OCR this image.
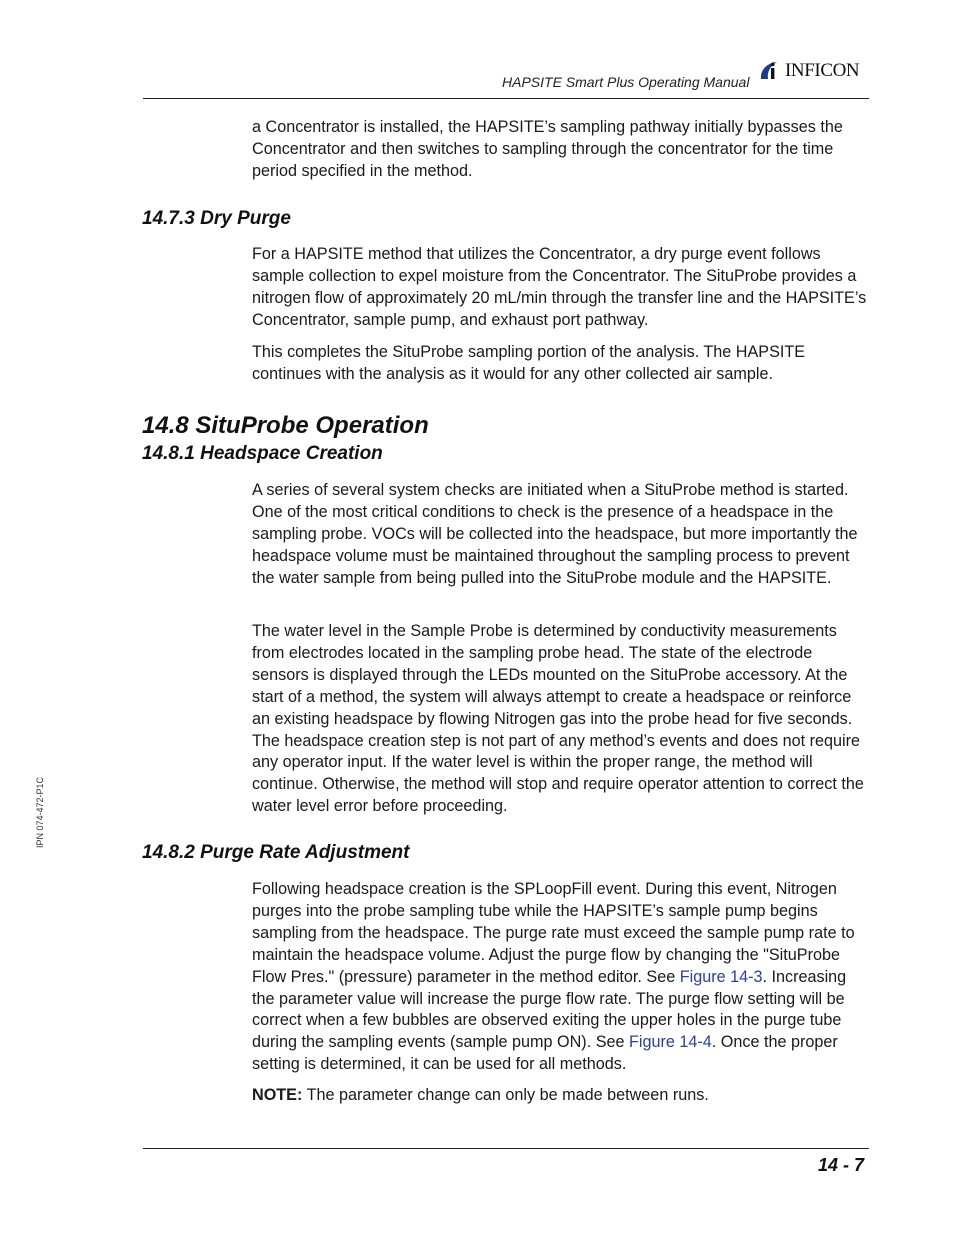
HAPSITE Smart Plus Operating Manual
INFICON
IPN 074-472-P1C

a Concentrator is installed, the HAPSITE’s sampling pathway initially bypasses the Concentrator and then switches to sampling through the concentrator for the time period specified in the method.

14.7.3 Dry Purge

For a HAPSITE method that utilizes the Concentrator, a dry purge event follows sample collection to expel moisture from the Concentrator. The SituProbe provides a nitrogen flow of approximately 20 mL/min through the transfer line and the HAPSITE’s Concentrator, sample pump, and exhaust port pathway.

This completes the SituProbe sampling portion of the analysis. The HAPSITE continues with the analysis as it would for any other collected air sample.

14.8 SituProbe Operation
14.8.1 Headspace Creation

A series of several system checks are initiated when a SituProbe method is started. One of the most critical conditions to check is the presence of a headspace in the sampling probe. VOCs will be collected into the headspace, but more importantly the headspace volume must be maintained throughout the sampling process to prevent the water sample from being pulled into the SituProbe module and the HAPSITE.

The water level in the Sample Probe is determined by conductivity measurements from electrodes located in the sampling probe head. The state of the electrode sensors is displayed through the LEDs mounted on the SituProbe accessory. At the start of a method, the system will always attempt to create a headspace or reinforce an existing headspace by flowing Nitrogen gas into the probe head for five seconds. The headspace creation step is not part of any method’s events and does not require any operator input. If the water level is within the proper range, the method will continue. Otherwise, the method will stop and require operator attention to correct the water level error before proceeding.

14.8.2 Purge Rate Adjustment

Following headspace creation is the SPLoopFill event. During this event, Nitrogen purges into the probe sampling tube while the HAPSITE’s sample pump begins sampling from the headspace. The purge rate must exceed the sample pump rate to maintain the headspace volume. Adjust the purge flow by changing the "SituProbe Flow Pres." (pressure) parameter in the method editor. See Figure 14-3. Increasing the parameter value will increase the purge flow rate. The purge flow setting will be correct when a few bubbles are observed exiting the upper holes in the purge tube during the sampling events (sample pump ON). See Figure 14-4. Once the proper setting is determined, it can be used for all methods.

NOTE: The parameter change can only be made between runs.

14 - 7
